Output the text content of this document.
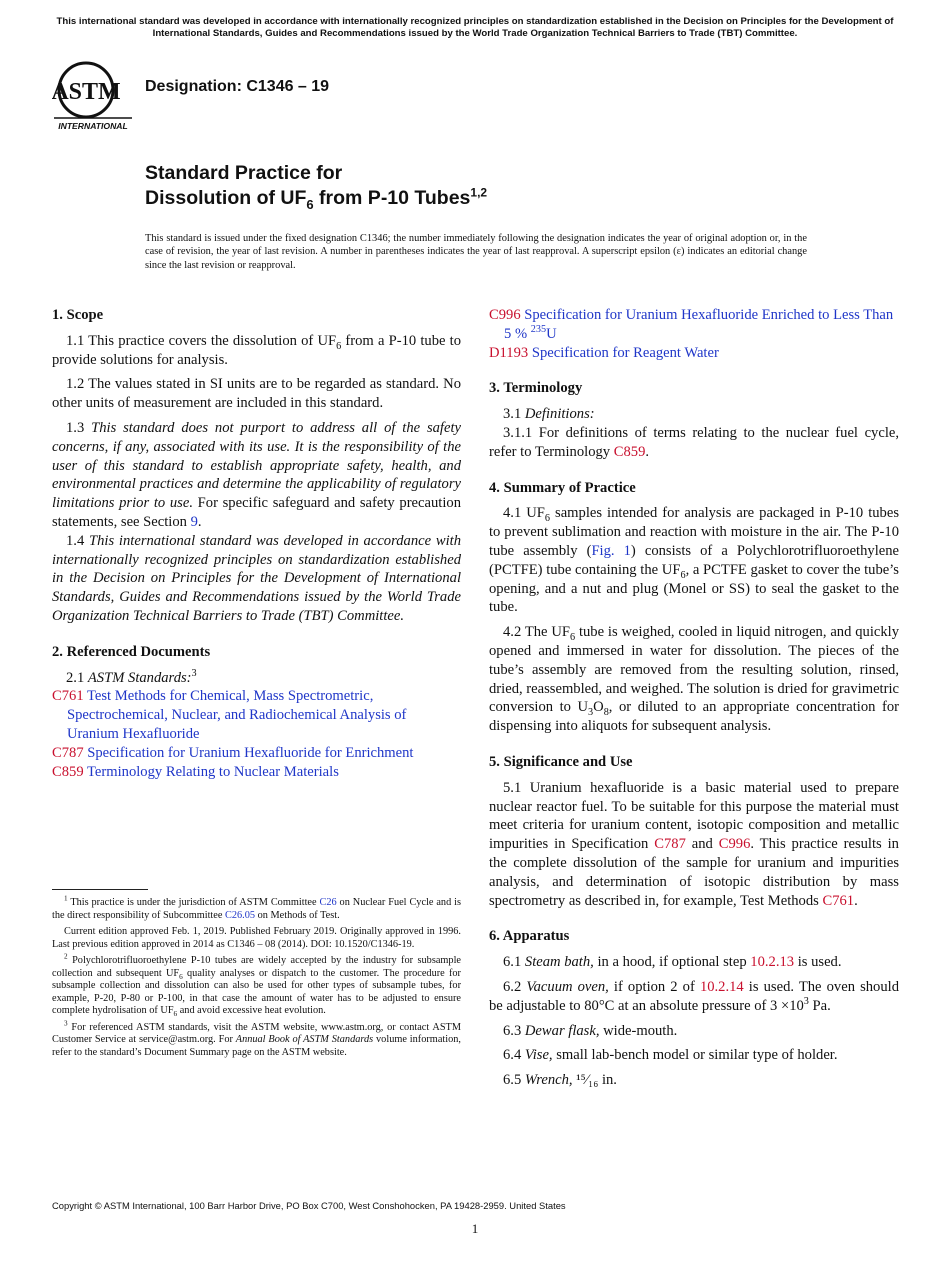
This international standard was developed in accordance with internationally recognized principles on standardization established in the Decision on Principles for the Development of International Standards, Guides and Recommendations issued by the World Trade Organization Technical Barriers to Trade (TBT) Committee.
ASTM
INTERNATIONAL
Designation: C1346 – 19
Standard Practice for
Dissolution of $UF_6$ from P-10 Tubes$^{1,2}$
This standard is issued under the fixed designation C1346; the number immediately following the designation indicates the year of original adoption or, in the case of revision, the year of last revision. A number in parentheses indicates the year of last reapproval. A superscript epsilon (ε) indicates an editorial change since the last revision or reapproval.

1. Scope

1.1 This practice covers the dissolution of $UF_6$ from a P-10 tube to provide solutions for analysis.

1.2 The values stated in SI units are to be regarded as standard. No other units of measurement are included in this standard.

1.3 This standard does not purport to address all of the safety concerns, if any, associated with its use. It is the responsibility of the user of this standard to establish appropriate safety, health, and environmental practices and determine the applicability of regulatory limitations prior to use. For specific safeguard and safety precaution statements, see Section 9.

1.4 This international standard was developed in accordance with internationally recognized principles on standardization established in the Decision on Principles for the Development of International Standards, Guides and Recommendations issued by the World Trade Organization Technical Barriers to Trade (TBT) Committee.

2. Referenced Documents

2.1 ASTM Standards:$^3$

C761 Test Methods for Chemical, Mass Spectrometric, Spectrochemical, Nuclear, and Radiochemical Analysis of Uranium Hexafluoride

C787 Specification for Uranium Hexafluoride for Enrichment

C859 Terminology Relating to Nuclear Materials

$^1$ This practice is under the jurisdiction of ASTM Committee C26 on Nuclear Fuel Cycle and is the direct responsibility of Subcommittee C26.05 on Methods of Test.

Current edition approved Feb. 1, 2019. Published February 2019. Originally approved in 1996. Last previous edition approved in 2014 as C1346 – 08 (2014). DOI: 10.1520/C1346-19.

$^2$ Polychlorotrifluoroethylene P-10 tubes are widely accepted by the industry for subsample collection and subsequent $UF_6$ quality analyses or dispatch to the customer. The procedure for subsample collection and dissolution can also be used for other types of subsample tubes, for example, P-20, P-80 or P-100, in that case the amount of water has to be adjusted to ensure complete hydrolisation of $UF_6$ and avoid excessive heat evolution.

$^3$ For referenced ASTM standards, visit the ASTM website, www.astm.org, or contact ASTM Customer Service at service@astm.org. For Annual Book of ASTM Standards volume information, refer to the standard’s Document Summary page on the ASTM website.

C996 Specification for Uranium Hexafluoride Enriched to Less Than 5 % $^{235}$U

D1193 Specification for Reagent Water

3. Terminology

3.1 Definitions:

3.1.1 For definitions of terms relating to the nuclear fuel cycle, refer to Terminology C859.

4. Summary of Practice

4.1 $UF_6$ samples intended for analysis are packaged in P-10 tubes to prevent sublimation and reaction with moisture in the air. The P-10 tube assembly (Fig. 1) consists of a Polychlorotrifluoroethylene (PCTFE) tube containing the $UF_6$, a PCTFE gasket to cover the tube’s opening, and a nut and plug (Monel or SS) to seal the gasket to the tube.

4.2 The $UF_6$ tube is weighed, cooled in liquid nitrogen, and quickly opened and immersed in water for dissolution. The pieces of the tube’s assembly are removed from the resulting solution, rinsed, dried, reassembled, and weighed. The solution is dried for gravimetric conversion to $U_3O_8$, or diluted to an appropriate concentration for dispensing into aliquots for subsequent analysis.

5. Significance and Use

5.1 Uranium hexafluoride is a basic material used to prepare nuclear reactor fuel. To be suitable for this purpose the material must meet criteria for uranium content, isotopic composition and metallic impurities in Specification C787 and C996. This practice results in the complete dissolution of the sample for uranium and impurities analysis, and determination of isotopic distribution by mass spectrometry as described in, for example, Test Methods C761.

6. Apparatus

6.1 Steam bath, in a hood, if optional step 10.2.13 is used.

6.2 Vacuum oven, if option 2 of 10.2.14 is used. The oven should be adjustable to 80°C at an absolute pressure of $3 \times 10^3$ Pa.

6.3 Dewar flask, wide-mouth.

6.4 Vise, small lab-bench model or similar type of holder.

6.5 Wrench, ¹⁵⁄₁₆ in.

Copyright © ASTM International, 100 Barr Harbor Drive, PO Box C700, West Conshohocken, PA 19428-2959. United States
1
